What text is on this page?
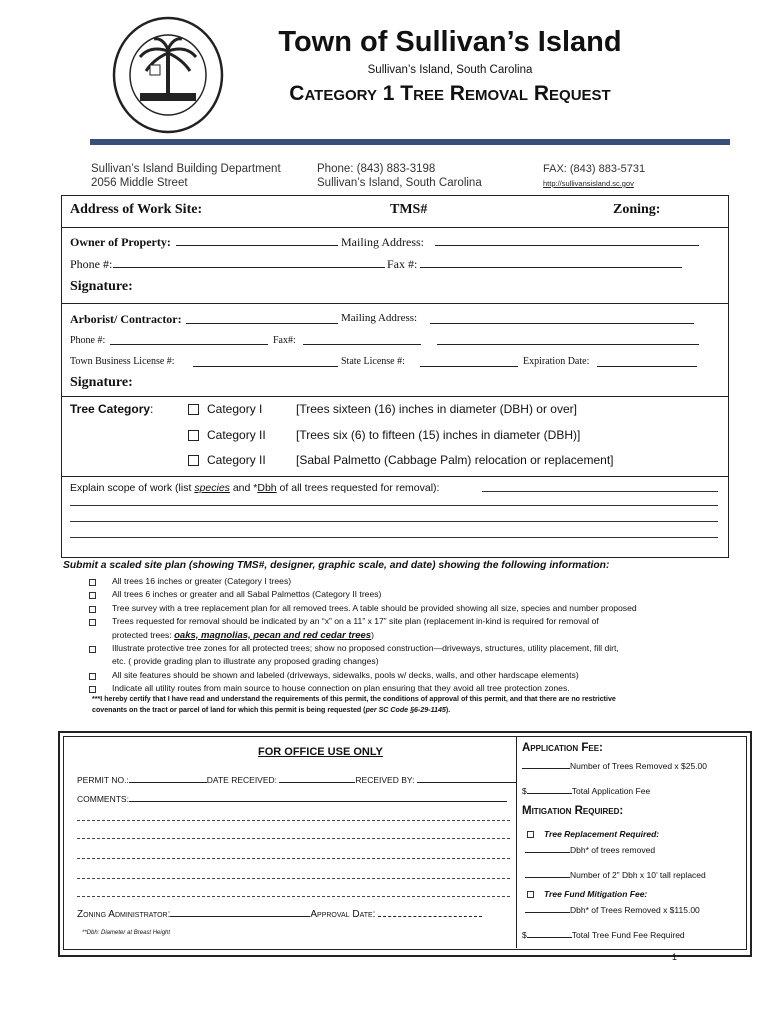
Town of Sullivan’s Island
Sullivan’s Island, South Carolina
Category 1 Tree Removal Request
Sullivan’s Island Building Department
2056 Middle Street
Phone: (843) 883-3198
Sullivan’s Island, South Carolina
FAX: (843) 883-5731
http://sullivansisland.sc.gov
Address of Work Site:	TMS#	Zoning:
Owner of Property:	Mailing Address:
Phone #:	Fax #:
Signature:
Arborist/ Contractor:	Mailing Address:
Phone #:	Fax#:
Town Business License #:	State License #:	Expiration Date:
Signature:
Tree Category:	Category I	[Trees sixteen (16) inches in diameter (DBH) or over]
Category II	[Trees six (6) to fifteen (15) inches in diameter (DBH)]
Category II	[Sabal Palmetto (Cabbage Palm) relocation or replacement]
Explain scope of work (list species and *Dbh of all trees requested for removal):
Submit a scaled site plan (showing TMS#, designer, graphic scale, and date) showing the following information:
All trees 16 inches or greater (Category I trees)
All trees 6 inches or greater and all Sabal Palmettos (Category II trees)
Tree survey with a tree replacement plan for all removed trees. A table should be provided showing all size, species and number proposed
Trees requested for removal should be indicated by an “x” on a 11” x 17” site plan (replacement in-kind is required for removal of
protected trees: oaks, magnolias, pecan and red cedar trees)
Illustrate protective tree zones for all protected trees; show no proposed construction—driveways, structures, utility placement, fill dirt,
etc. ( provide grading plan to illustrate any proposed grading changes)
All site features should be shown and labeled (driveways, sidewalks, pools w/ decks, walls, and other hardscape elements)
Indicate all utility routes from main source to house connection on plan ensuring that they avoid all tree protection zones.
***I hereby certify that I have read and understand the requirements of this permit, the conditions of approval of this permit, and that there are no restrictive
covenants on the tract or parcel of land for which this permit is being requested (per SC Code §6-29-1145).
FOR OFFICE USE ONLY
PERMIT NO.:	DATE RECEIVED:	RECEIVED BY:
COMMENTS:
Zoning Administrator:	Approval Date:
**Dbh: Diameter at Breast Height
Application Fee:
Number of Trees Removed x $25.00
$	Total Application Fee
Mitigation Required:
Tree Replacement Required:
Dbh* of trees removed
Number of 2” Dbh x 10’ tall replaced
Tree Fund Mitigation Fee:
Dbh* of Trees Removed x $115.00
$	Total Tree Fund Fee Required
1
